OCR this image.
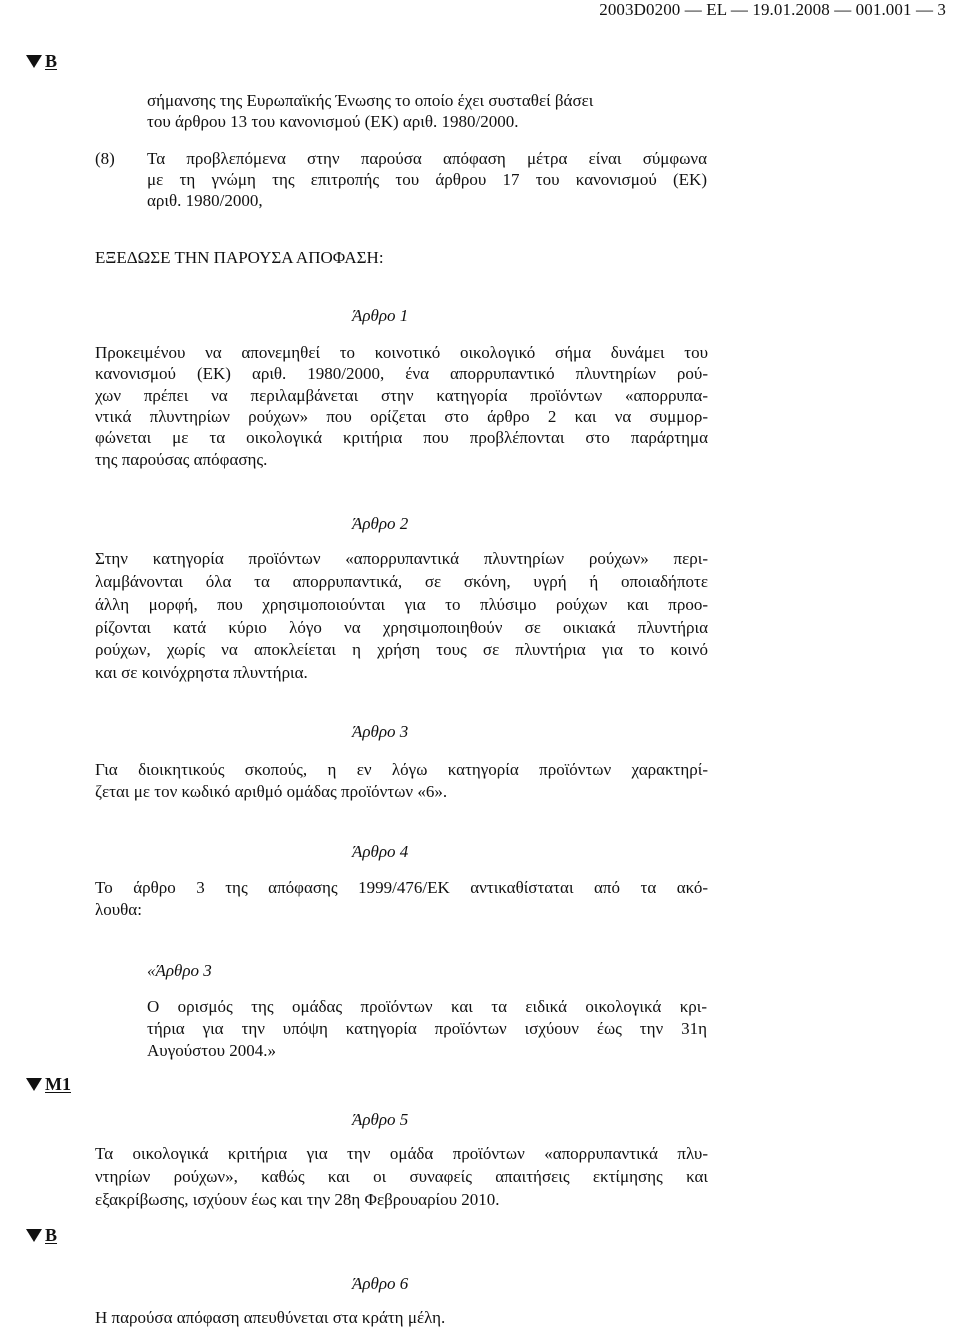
2003D0200 — EL — 19.01.2008 — 001.001 — 3
B
σήμανσης της Ευρωπαϊκής Ένωσης το οποίο έχει συσταθεί βάσει
του άρθρου 13 του κανονισμού (ΕΚ) αριθ. 1980/2000.
(8) Τα προβλεπόμενα στην παρούσα απόφαση μέτρα είναι σύμφωνα
με τη γνώμη της επιτροπής του άρθρου 17 του κανονισμού (ΕΚ)
αριθ. 1980/2000,
ΕΞΕΔΩΣΕ ΤΗΝ ΠΑΡΟΥΣΑ ΑΠΟΦΑΣΗ:
Άρθρο 1
Προκειμένου να απονεμηθεί το κοινοτικό οικολογικό σήμα δυνάμει του
κανονισμού (ΕΚ) αριθ. 1980/2000, ένα απορρυπαντικό πλυντηρίων ρού-
χων πρέπει να περιλαμβάνεται στην κατηγορία προϊόντων «απορρυπα-
ντικά πλυντηρίων ρούχων» που ορίζεται στο άρθρο 2 και να συμμορ-
φώνεται με τα οικολογικά κριτήρια που προβλέπονται στο παράρτημα
της παρούσας απόφασης.
Άρθρο 2
Στην κατηγορία προϊόντων «απορρυπαντικά πλυντηρίων ρούχων» περι-
λαμβάνονται όλα τα απορρυπαντικά, σε σκόνη, υγρή ή οποιαδήποτε
άλλη μορφή, που χρησιμοποιούνται για το πλύσιμο ρούχων και προο-
ρίζονται κατά κύριο λόγο να χρησιμοποιηθούν σε οικιακά πλυντήρια
ρούχων, χωρίς να αποκλείεται η χρήση τους σε πλυντήρια για το κοινό
και σε κοινόχρηστα πλυντήρια.
Άρθρο 3
Για διοικητικούς σκοπούς, η εν λόγω κατηγορία προϊόντων χαρακτηρί-
ζεται με τον κωδικό αριθμό ομάδας προϊόντων «6».
Άρθρο 4
Το άρθρο 3 της απόφασης 1999/476/ΕΚ αντικαθίσταται από τα ακό-
λουθα:
«Άρθρο 3
Ο ορισμός της ομάδας προϊόντων και τα ειδικά οικολογικά κρι-
τήρια για την υπόψη κατηγορία προϊόντων ισχύουν έως την 31η
Αυγούστου 2004.»
M1
Άρθρο 5
Τα οικολογικά κριτήρια για την ομάδα προϊόντων «απορρυπαντικά πλυ-
ντηρίων ρούχων», καθώς και οι συναφείς απαιτήσεις εκτίμησης και
εξακρίβωσης, ισχύουν έως και την 28η Φεβρουαρίου 2010.
B
Άρθρο 6
Η παρούσα απόφαση απευθύνεται στα κράτη μέλη.
